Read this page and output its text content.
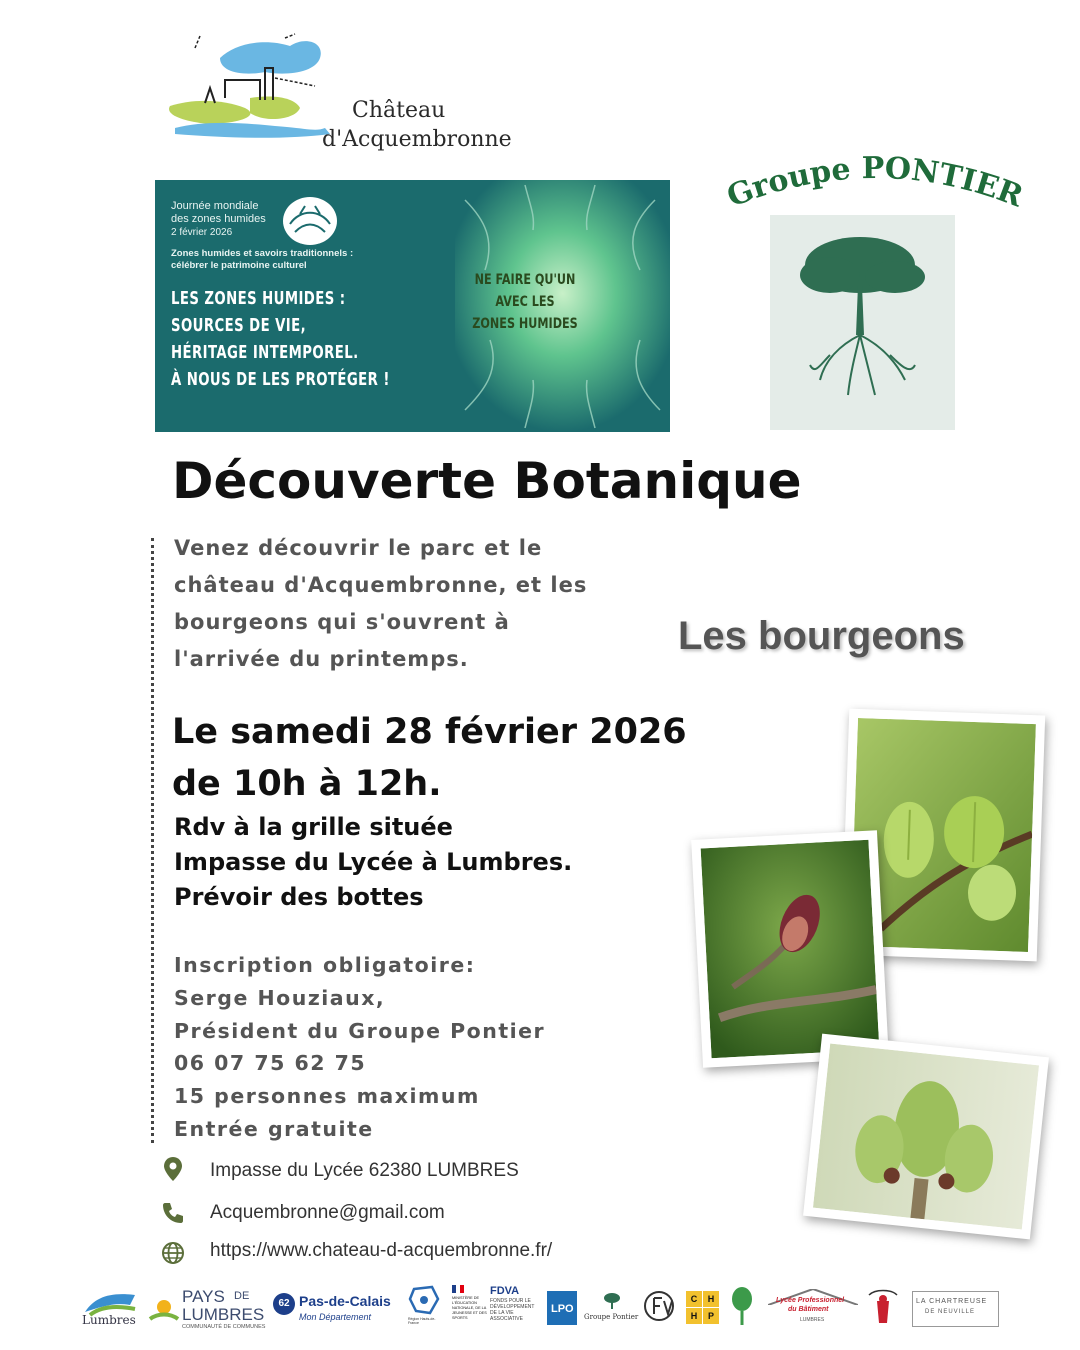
Château
d'Acquembronne
Journée mondiale
des zones humides
2 février 2026
Zones humides et savoirs traditionnels :
célébrer le patrimoine culturel
LES ZONES HUMIDES :
SOURCES DE VIE,
HÉRITAGE INTEMPOREL.
À NOUS DE LES PROTÉGER !
NE FAIRE QU'UN
AVEC LES
ZONES HUMIDES
Groupe PONTIER
Découverte Botanique
Venez découvrir le parc et le
château d'Acquembronne, et les
bourgeons qui s'ouvrent à
l'arrivée du printemps.
Les bourgeons
Le samedi 28 février 2026
de 10h à 12h.
Rdv à la grille située
Impasse du Lycée à Lumbres.
Prévoir des bottes
Inscription obligatoire:
Serge Houziaux,
Président du Groupe Pontier
06 07 75 62 75
15 personnes maximum
Entrée gratuite
Impasse du Lycée 62380 LUMBRES
Acquembronne@gmail.com
https://www.chateau-d-acquembronne.fr/
Lumbres
PAYS DE
LUMBRES
COMMUNAUTÉ DE COMMUNES
62 Pas-de-Calais
Mon Département	Région Hauts-de-France
MINISTÈRE DE L'ÉDUCATION NATIONALE, DE LA JEUNESSE ET DES SPORTS
FDVA
FONDS POUR LE DÉVELOPPEMENT DE LA VIE ASSOCIATIVE
LPO
Groupe Pontier
C	H
H	P
Lycée Professionnel
du Bâtiment
LUMBRES
LA CHARTREUSE
DE NEUVILLE
